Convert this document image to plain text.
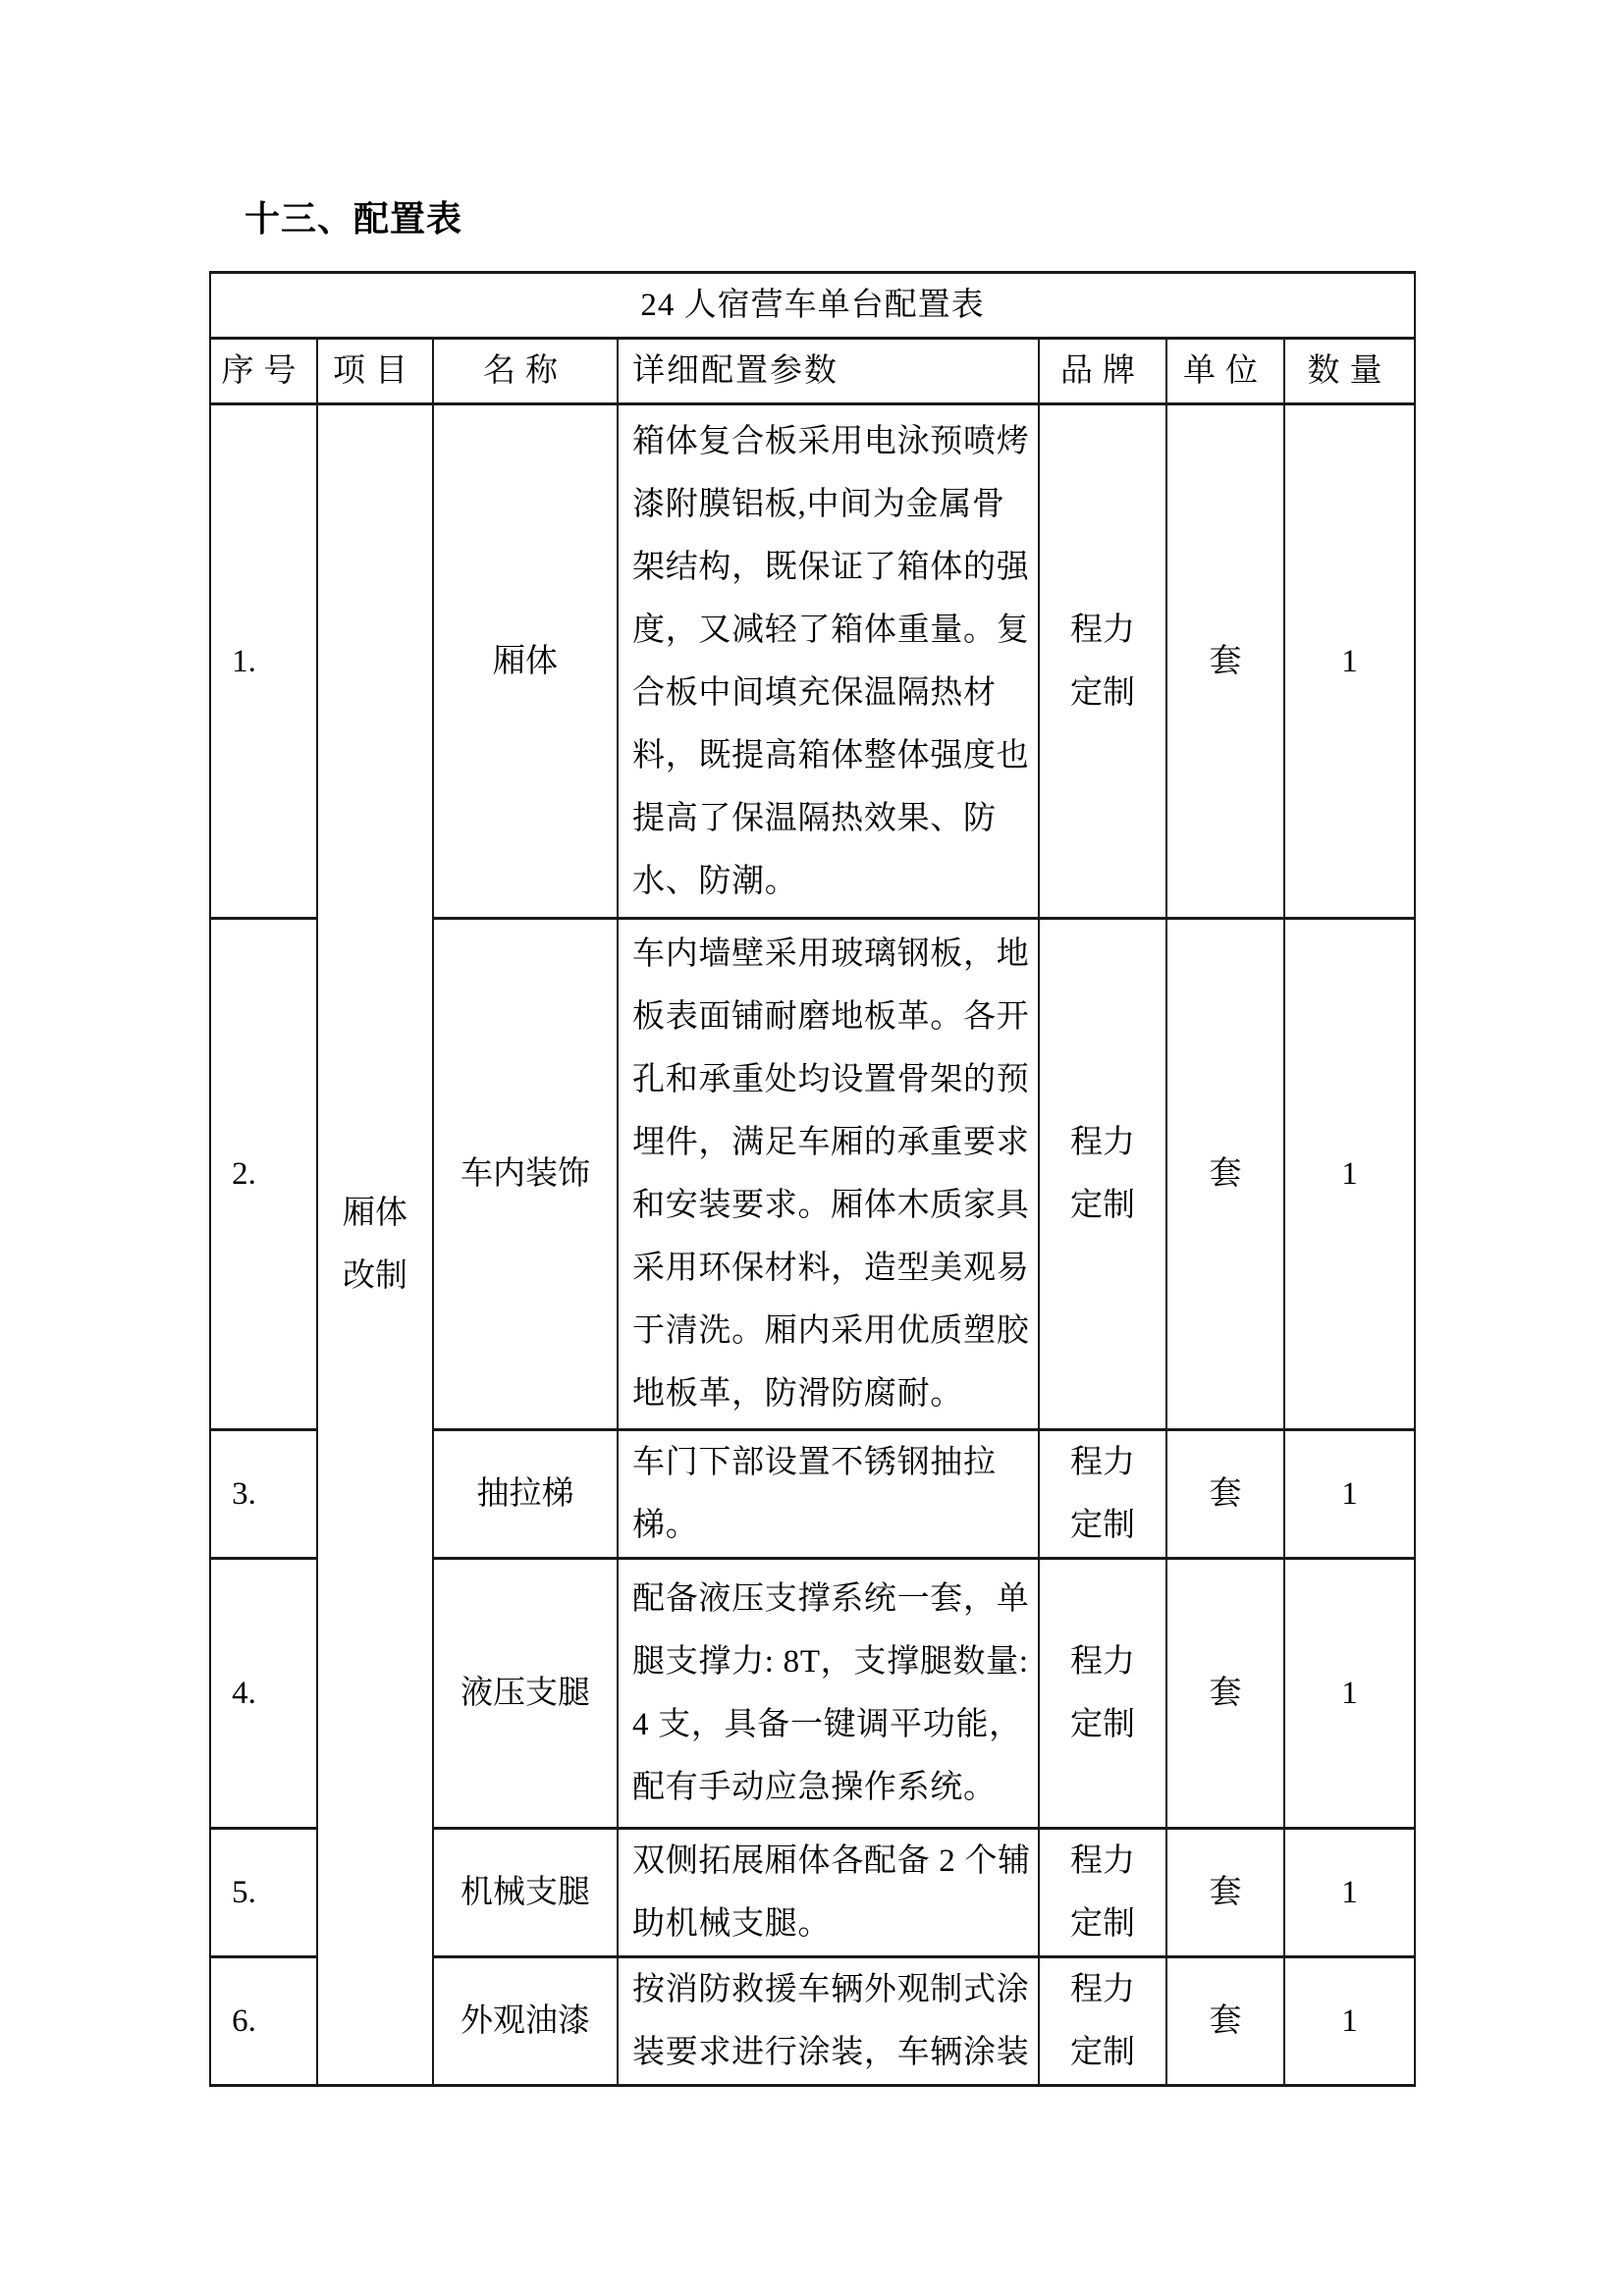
十三、配置表
24 人宿营车单台配置表						
序号	项目	名称	详细配置参数	品牌	单位	数量
1.	厢体改制	厢体	箱体复合板采用电泳预喷烤漆附膜铝板,中间为金属骨架结构，既保证了箱体的强度，又减轻了箱体重量。复合板中间填充保温隔热材料，既提高箱体整体强度也提高了保温隔热效果、防水、防潮。	程力定制	套	1
2.		车内装饰	车内墙壁采用玻璃钢板，地板表面铺耐磨地板革。各开孔和承重处均设置骨架的预埋件，满足车厢的承重要求和安装要求。厢体木质家具采用环保材料，造型美观易于清洗。厢内采用优质塑胶地板革，防滑防腐耐。	程力定制	套	1
3.		抽拉梯	车门下部设置不锈钢抽拉梯。	程力定制	套	1
4.		液压支腿	配备液压支撑系统一套，单腿支撑力: 8T，支撑腿数量: 4 支，具备一键调平功能，配有手动应急操作系统。	程力定制	套	1
5.		机械支腿	双侧拓展厢体各配备 2 个辅助机械支腿。	程力定制	套	1
6.		外观油漆	按消防救援车辆外观制式涂装要求进行涂装，车辆涂装	程力定制	套	1
